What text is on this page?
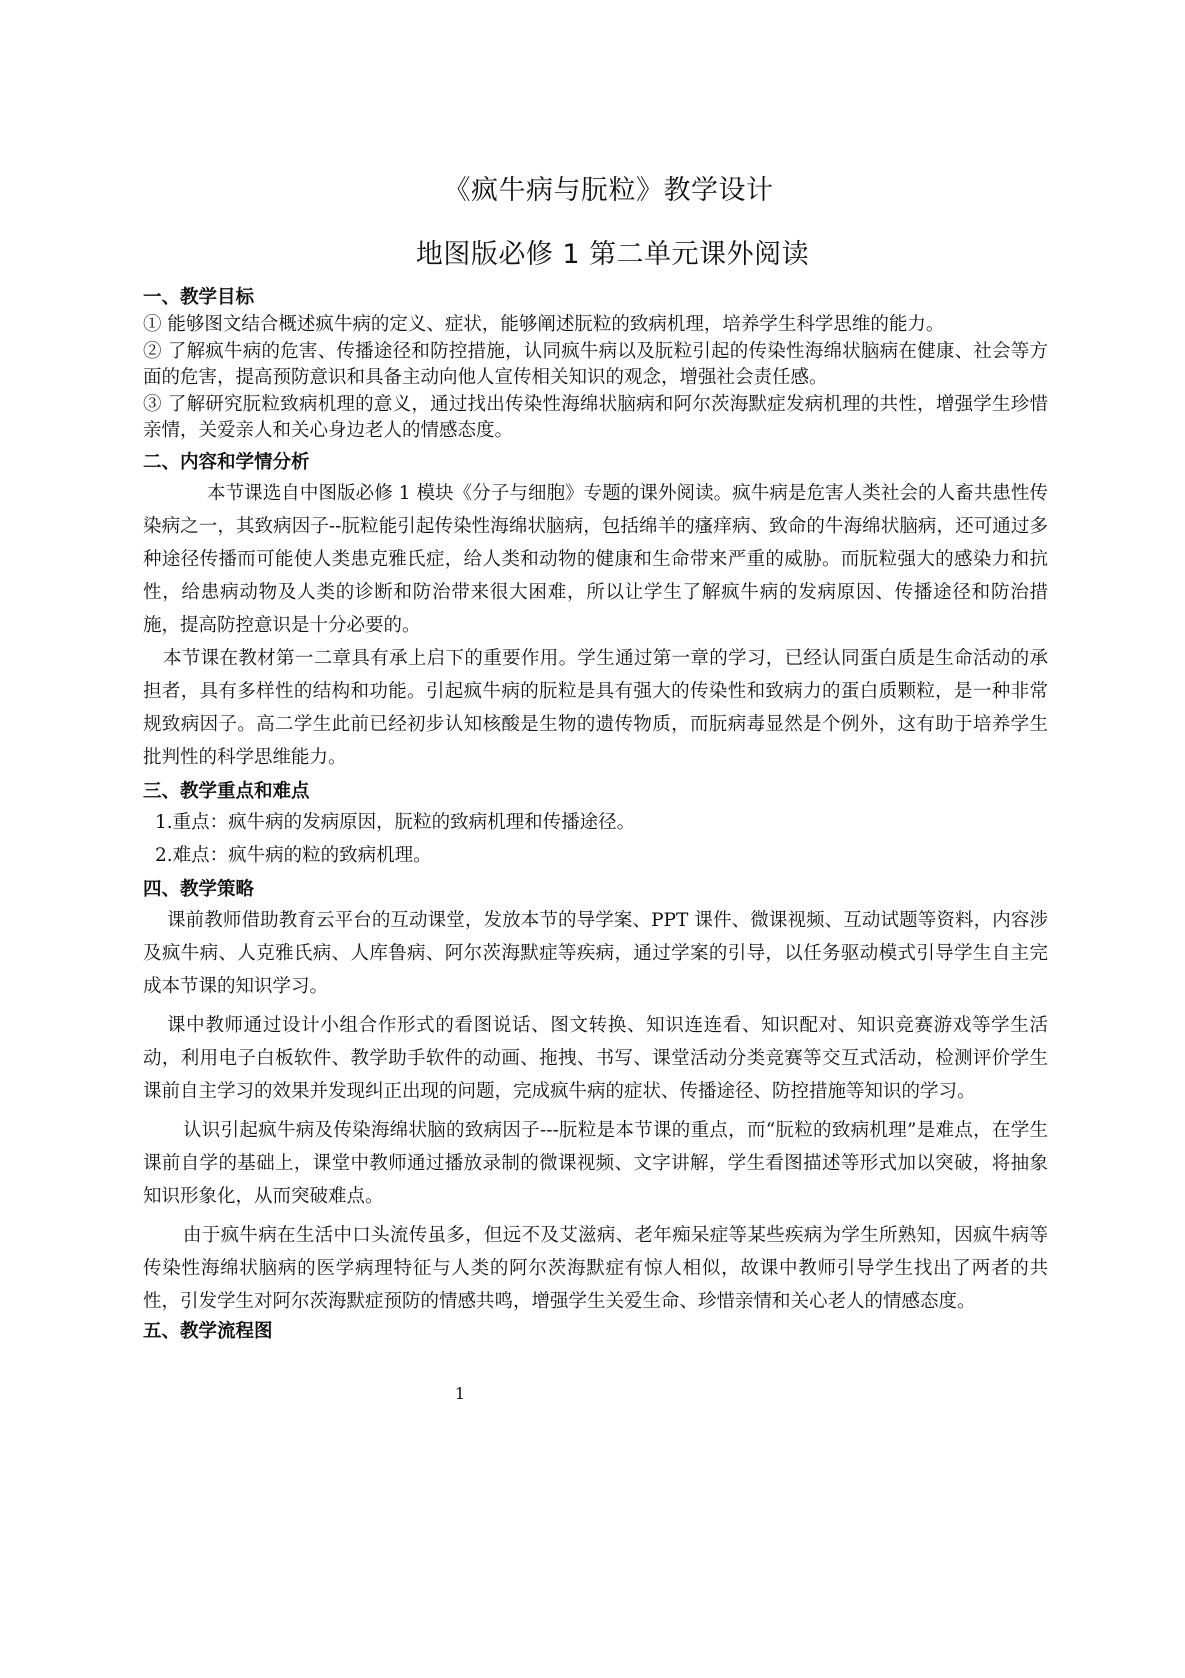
《疯牛病与朊粒》教学设计
地图版必修 1 第二单元课外阅读
一、教学目标

① 能够图文结合概述疯牛病的定义、症状，能够阐述朊粒的致病机理，培养学生科学思维的能力。

② 了解疯牛病的危害、传播途径和防控措施，认同疯牛病以及朊粒引起的传染性海绵状脑病在健康、社会等方面的危害，提高预防意识和具备主动向他人宣传相关知识的观念，增强社会责任感。

③ 了解研究朊粒致病机理的意义，通过找出传染性海绵状脑病和阿尔茨海默症发病机理的共性，增强学生珍惜亲情，关爱亲人和关心身边老人的情感态度。

二、内容和学情分析

本节课选自中图版必修 1 模块《分子与细胞》专题的课外阅读。疯牛病是危害人类社会的人畜共患性传染病之一，其致病因子--朊粒能引起传染性海绵状脑病，包括绵羊的瘙痒病、致命的牛海绵状脑病，还可通过多种途径传播而可能使人类患克雅氏症，给人类和动物的健康和生命带来严重的威胁。而朊粒强大的感染力和抗性，给患病动物及人类的诊断和防治带来很大困难，所以让学生了解疯牛病的发病原因、传播途径和防治措施，提高防控意识是十分必要的。

本节课在教材第一二章具有承上启下的重要作用。学生通过第一章的学习，已经认同蛋白质是生命活动的承担者，具有多样性的结构和功能。引起疯牛病的朊粒是具有强大的传染性和致病力的蛋白质颗粒，是一种非常规致病因子。高二学生此前已经初步认知核酸是生物的遗传物质，而朊病毒显然是个例外，这有助于培养学生批判性的科学思维能力。

三、教学重点和难点

1.重点：疯牛病的发病原因，朊粒的致病机理和传播途径。

2.难点：疯牛病的粒的致病机理。

四、教学策略

课前教师借助教育云平台的互动课堂，发放本节的导学案、PPT 课件、微课视频、互动试题等资料，内容涉及疯牛病、人克雅氏病、人库鲁病、阿尔茨海默症等疾病，通过学案的引导，以任务驱动模式引导学生自主完成本节课的知识学习。

课中教师通过设计小组合作形式的看图说话、图文转换、知识连连看、知识配对、知识竞赛游戏等学生活动，利用电子白板软件、教学助手软件的动画、拖拽、书写、课堂活动分类竞赛等交互式活动，检测评价学生课前自主学习的效果并发现纠正出现的问题，完成疯牛病的症状、传播途径、防控措施等知识的学习。

认识引起疯牛病及传染海绵状脑的致病因子---朊粒是本节课的重点，而“朊粒的致病机理”是难点，在学生课前自学的基础上，课堂中教师通过播放录制的微课视频、文字讲解，学生看图描述等形式加以突破，将抽象知识形象化，从而突破难点。

由于疯牛病在生活中口头流传虽多，但远不及艾滋病、老年痴呆症等某些疾病为学生所熟知，因疯牛病等传染性海绵状脑病的医学病理特征与人类的阿尔茨海默症有惊人相似，故课中教师引导学生找出了两者的共性，引发学生对阿尔茨海默症预防的情感共鸣，增强学生关爱生命、珍惜亲情和关心老人的情感态度。

五、教学流程图
1
